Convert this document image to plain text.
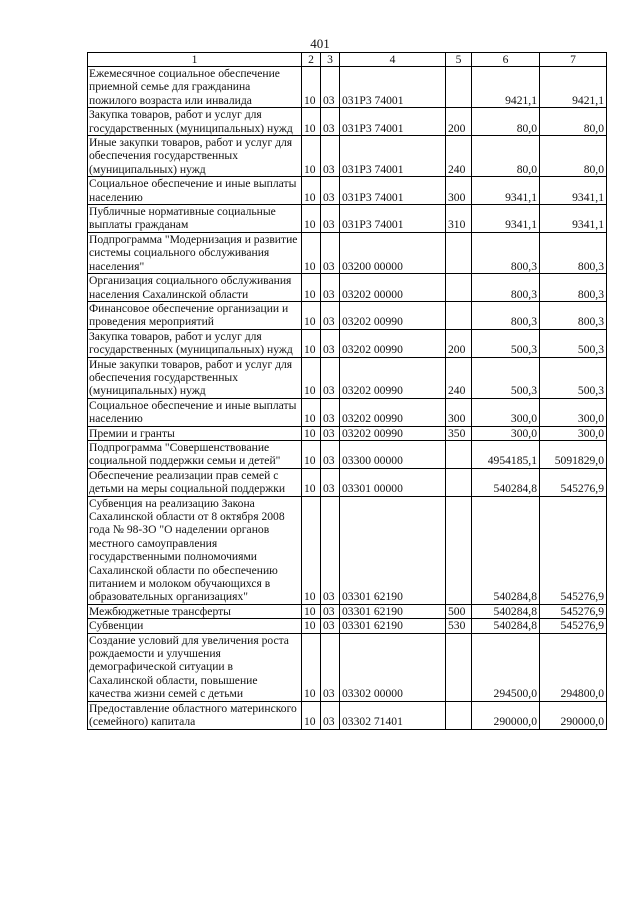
401
1	2	3	4	5	6	7
Ежемесячное социальное обеспечение приемной семье для гражданина пожилого возраста или инвалида	10	03	031Р3 74001		9421,1	9421,1
Закупка товаров, работ и услуг для государственных (муниципальных) нужд	10	03	031Р3 74001	200	80,0	80,0
Иные закупки товаров, работ и услуг для обеспечения государственных (муниципальных) нужд	10	03	031Р3 74001	240	80,0	80,0
Социальное обеспечение и иные выплаты населению	10	03	031Р3 74001	300	9341,1	9341,1
Публичные нормативные социальные выплаты гражданам	10	03	031Р3 74001	310	9341,1	9341,1
Подпрограмма "Модернизация и развитие системы социального обслуживания населения"	10	03	03200 00000		800,3	800,3
Организация социального обслуживания населения Сахалинской области	10	03	03202 00000		800,3	800,3
Финансовое обеспечение организации и проведения мероприятий	10	03	03202 00990		800,3	800,3
Закупка товаров, работ и услуг для государственных (муниципальных) нужд	10	03	03202 00990	200	500,3	500,3
Иные закупки товаров, работ и услуг для обеспечения государственных (муниципальных) нужд	10	03	03202 00990	240	500,3	500,3
Социальное обеспечение и иные выплаты населению	10	03	03202 00990	300	300,0	300,0
Премии и гранты	10	03	03202 00990	350	300,0	300,0
Подпрограмма "Совершенствование социальной поддержки семьи и детей"	10	03	03300 00000		4954185,1	5091829,0
Обеспечение реализации прав семей с детьми на меры социальной поддержки	10	03	03301 00000		540284,8	545276,9
Субвенция на реализацию Закона Сахалинской области от 8 октября 2008 года № 98-ЗО "О наделении органов местного самоуправления государственными полномочиями Сахалинской области по обеспечению питанием и молоком обучающихся в образовательных организациях"	10	03	03301 62190		540284,8	545276,9
Межбюджетные трансферты	10	03	03301 62190	500	540284,8	545276,9
Субвенции	10	03	03301 62190	530	540284,8	545276,9
Создание условий для увеличения роста рождаемости и улучшения демографической ситуации в Сахалинской области, повышение качества жизни семей с детьми	10	03	03302 00000		294500,0	294800,0
Предоставление областного материнского (семейного) капитала	10	03	03302 71401		290000,0	290000,0
